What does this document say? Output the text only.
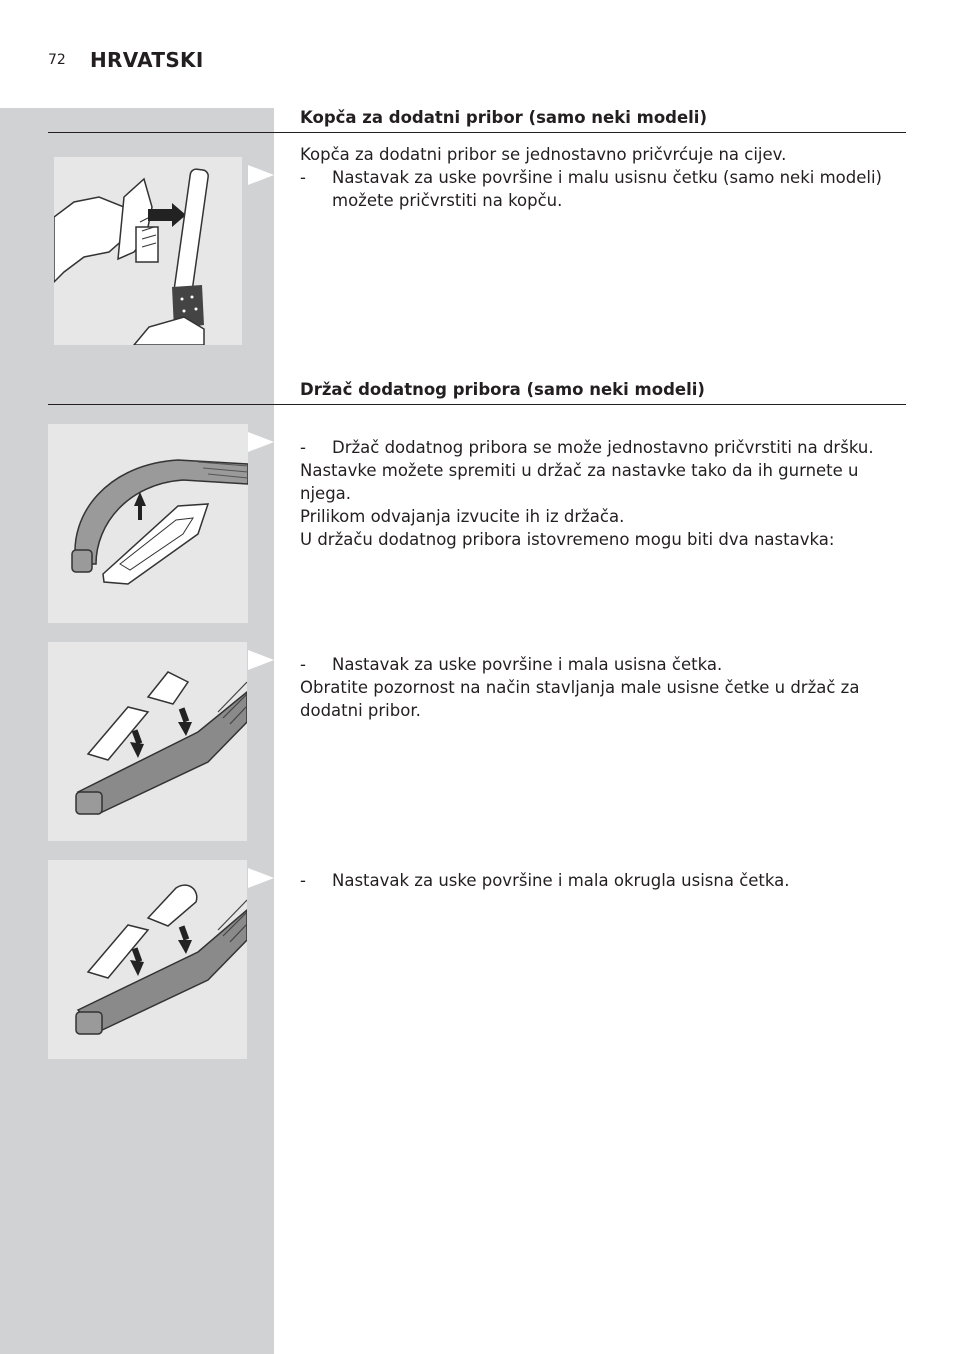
72 HRVATSKI
Kopča za dodatni pribor (samo neki modeli)

Kopča za dodatni pribor se jednostavno pričvrćuje na cijev.

-	Nastavak za uske površine i malu usisnu četku (samo neki modeli) možete pričvrstiti na kopču.
Držač dodatnog pribora (samo neki modeli)
-	Držač dodatnog pribora se može jednostavno pričvrstiti na dršku.

Nastavke možete spremiti u držač za nastavke tako da ih gurnete u njega.

Prilikom odvajanja izvucite ih iz držača.

U držaču dodatnog pribora istovremeno mogu biti dva nastavka:

-	Nastavak za uske površine i mala usisna četka.

Obratite pozornost na način stavljanja male usisne četke u držač za dodatni pribor.

-	Nastavak za uske površine i mala okrugla usisna četka.
